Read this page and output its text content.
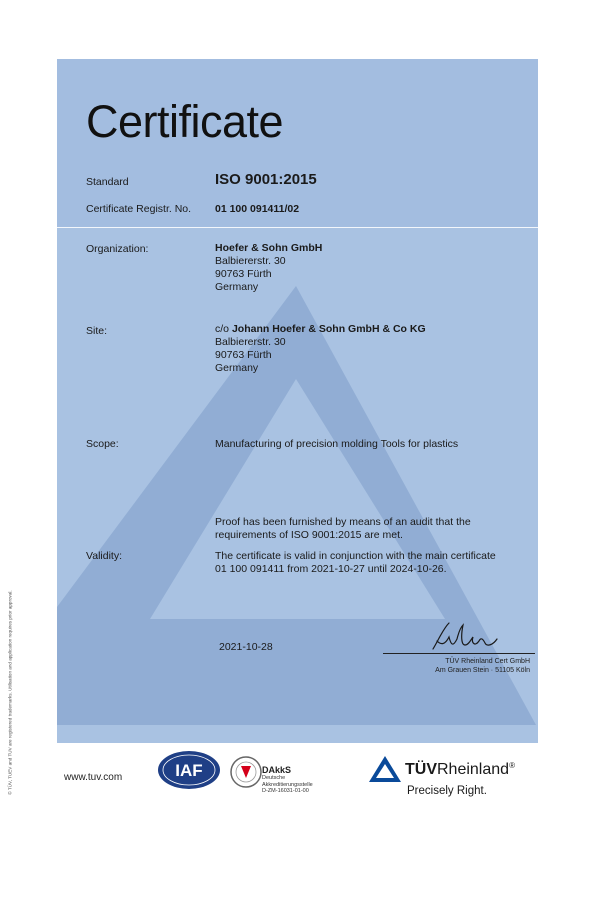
Certificate
Standard	ISO 9001:2015
Certificate Registr. No. 01 100 091411/02
Organization:	Hoefer & Sohn GmbH
Balbiererstr. 30
90763 Fürth
Germany
Site:	c/o Johann Hoefer & Sohn GmbH & Co KG
Balbiererstr. 30
90763 Fürth
Germany
Scope:	Manufacturing of precision molding Tools for plastics
Proof has been furnished by means of an audit that the
requirements of ISO 9001:2015 are met.
Validity:	The certificate is valid in conjunction with the main certificate
01 100 091411 from 2021-10-27 until 2024-10-26.
2021-10-28
TÜV Rheinland Cert GmbH
Am Grauen Stein · 51105 Köln
© TÜV, TUEV and TUV are registered trademarks. Utilisation and application requires prior approval.	www.tuv.com	IAF	DAkkS
Deutsche
Akkreditierungsstelle
D-ZM-16031-01-00
TÜVRheinland®
Precisely Right.
